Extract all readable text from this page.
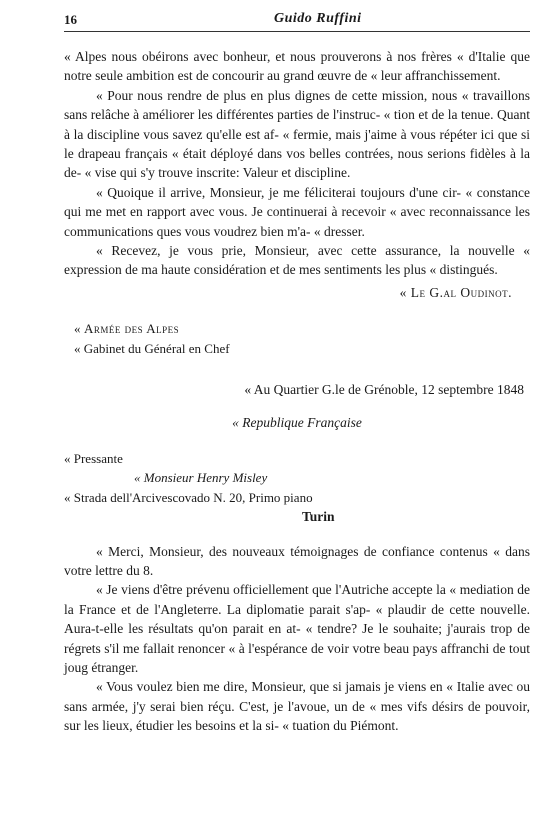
16	Guido Ruffini

« Alpes nous obéirons avec bonheur, et nous prouverons à nos frères « d'Italie que notre seule ambition est de concourir au grand œuvre de « leur affranchissement.

« Pour nous rendre de plus en plus dignes de cette mission, nous « travaillons sans relâche à améliorer les différentes parties de l'instruc- « tion et de la tenue. Quant à la discipline vous savez qu'elle est af- « fermie, mais j'aime à vous répéter ici que si le drapeau français « était déployé dans vos belles contrées, nous serions fidèles à la de- « vise qui s'y trouve inscrite: Valeur et discipline.

« Quoique il arrive, Monsieur, je me féliciterai toujours d'une cir- « constance qui me met en rapport avec vous. Je continuerai à recevoir « avec reconnaissance les communications ques vous voudrez bien m'a- « dresser.

« Recevez, je vous prie, Monsieur, avec cette assurance, la nouvelle « expression de ma haute considération et de mes sentiments les plus « distingués.

« Le G.al Oudinot.

« Armée des Alpes

« Gabinet du Général en Chef

« Au Quartier G.le de Grénoble, 12 septembre 1848

« Republique Française

« Pressante

« Monsieur Henry Misley

« Strada dell'Arcivescovado N. 20, Primo piano

Turin

« Merci, Monsieur, des nouveaux témoignages de confiance contenus « dans votre lettre du 8.

« Je viens d'être prévenu officiellement que l'Autriche accepte la « mediation de la France et de l'Angleterre. La diplomatie parait s'ap- « plaudir de cette nouvelle. Aura-t-elle les résultats qu'on parait en at- « tendre? Je le souhaite; j'aurais trop de régrets s'il me fallait renoncer « à l'espérance de voir votre beau pays affranchi de tout joug étranger.

« Vous voulez bien me dire, Monsieur, que si jamais je viens en « Italie avec ou sans armée, j'y serai bien réçu. C'est, je l'avoue, un de « mes vifs désirs de pouvoir, sur les lieux, étudier les besoins et la si- « tuation du Piémont.
